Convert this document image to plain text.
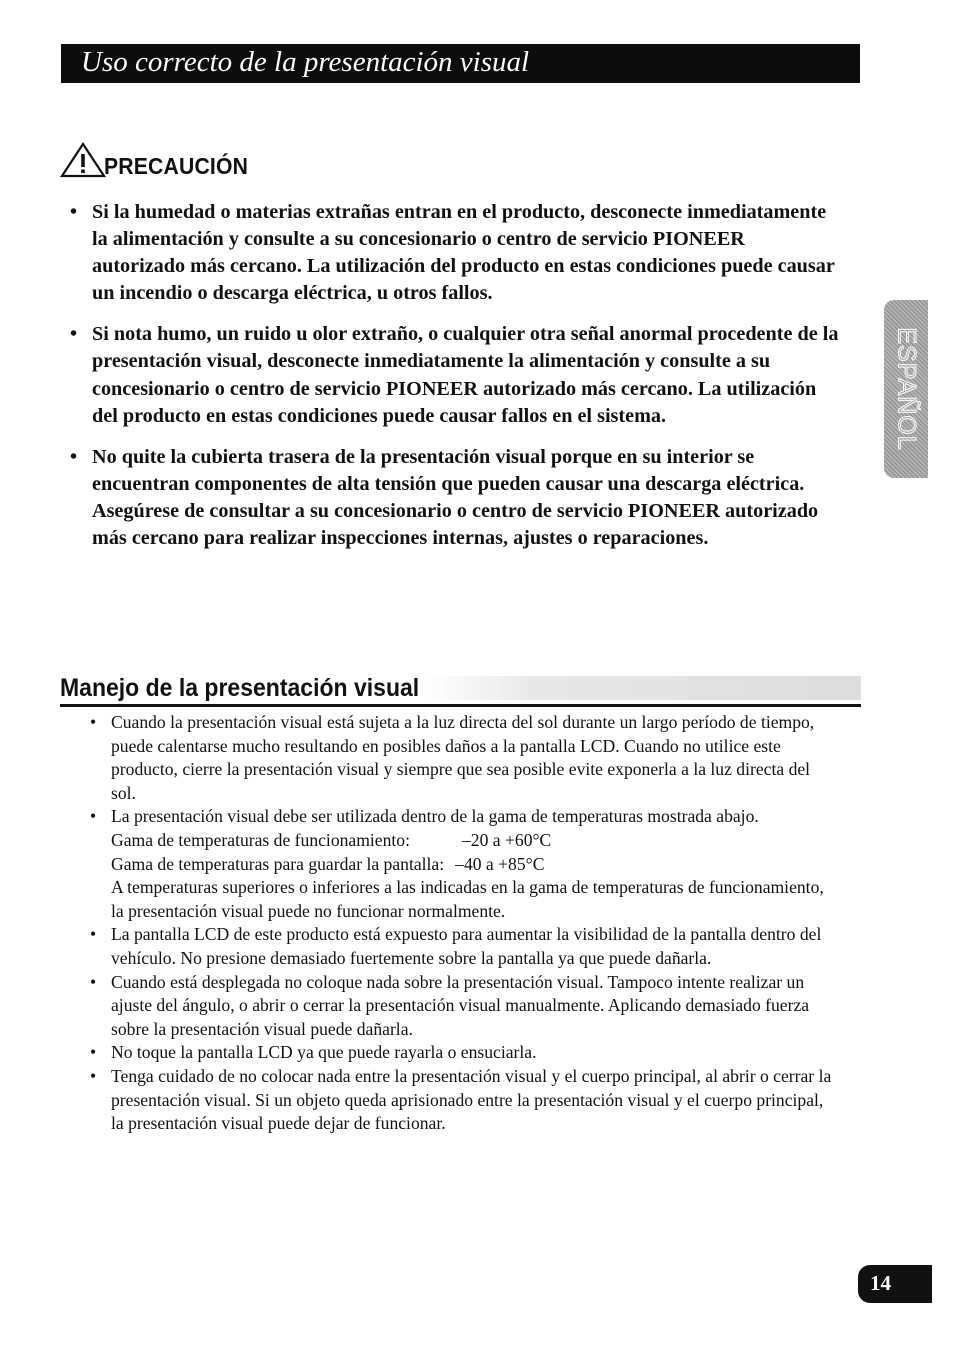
Uso correcto de la presentación visual
PRECAUCIÓN
• Si la humedad o materias extrañas entran en el producto, desconecte inmediatamente la alimentación y consulte a su concesionario o centro de servicio PIONEER autorizado más cercano. La utilización del producto en estas condiciones puede causar un incendio o descarga eléctrica, u otros fallos.
• Si nota humo, un ruido u olor extraño, o cualquier otra señal anormal procedente de la presentación visual, desconecte inmediatamente la alimentación y consulte a su concesionario o centro de servicio PIONEER autorizado más cercano. La utilización del producto en estas condiciones puede causar fallos en el sistema.
• No quite la cubierta trasera de la presentación visual porque en su interior se encuentran componentes de alta tensión que pueden causar una descarga eléctrica. Asegúrese de consultar a su concesionario o centro de servicio PIONEER autorizado más cercano para realizar inspecciones internas, ajustes o reparaciones.
Manejo de la presentación visual
• Cuando la presentación visual está sujeta a la luz directa del sol durante un largo período de tiempo, puede calentarse mucho resultando en posibles daños a la pantalla LCD. Cuando no utilice este producto, cierre la presentación visual y siempre que sea posible evite exponerla a la luz directa del sol.
• La presentación visual debe ser utilizada dentro de la gama de temperaturas mostrada abajo.
Gama de temperaturas de funcionamiento:	–20 a +60°C
Gama de temperaturas para guardar la pantalla: –40 a +85°C
A temperaturas superiores o inferiores a las indicadas en la gama de temperaturas de funcionamiento, la presentación visual puede no funcionar normalmente.
• La pantalla LCD de este producto está expuesto para aumentar la visibilidad de la pantalla dentro del vehículo. No presione demasiado fuertemente sobre la pantalla ya que puede dañarla.
• Cuando está desplegada no coloque nada sobre la presentación visual. Tampoco intente realizar un ajuste del ángulo, o abrir o cerrar la presentación visual manualmente. Aplicando demasiado fuerza sobre la presentación visual puede dañarla.
• No toque la pantalla LCD ya que puede rayarla o ensuciarla.
• Tenga cuidado de no colocar nada entre la presentación visual y el cuerpo principal, al abrir o cerrar la presentación visual. Si un objeto queda aprisionado entre la presentación visual y el cuerpo principal, la presentación visual puede dejar de funcionar.
ESPAÑOL
14
